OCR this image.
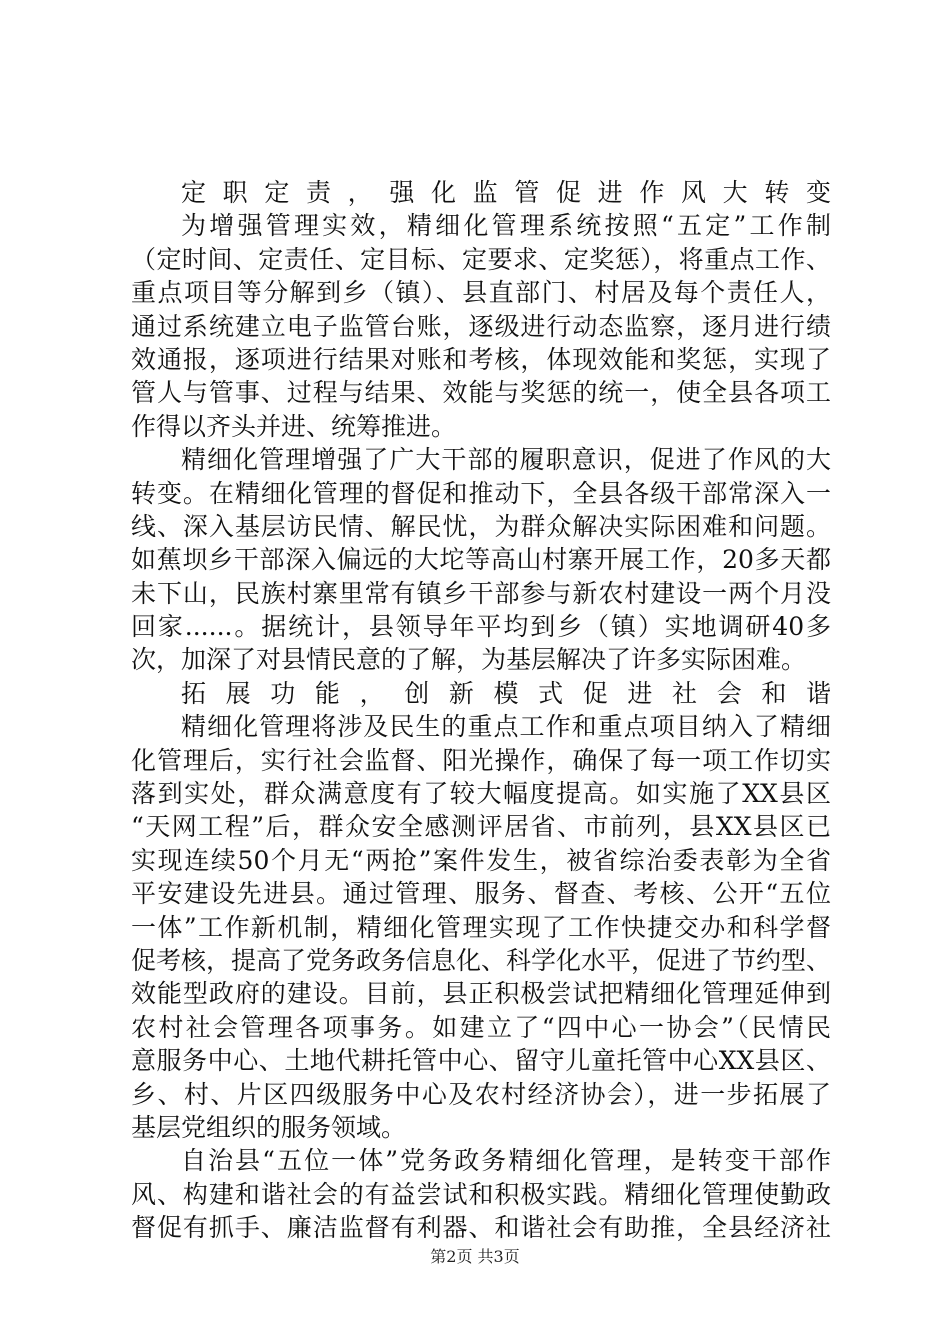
定职定责，强化监管促进作风大转变
为增强管理实效，精细化管理系统按照“五定”工作制
（定时间、定责任、定目标、定要求、定奖惩），将重点工作、
重点项目等分解到乡（镇）、县直部门、村居及每个责任人，
通过系统建立电子监管台账，逐级进行动态监察，逐月进行绩
效通报，逐项进行结果对账和考核，体现效能和奖惩，实现了
管人与管事、过程与结果、效能与奖惩的统一，使全县各项工
作得以齐头并进、统筹推进。
精细化管理增强了广大干部的履职意识，促进了作风的大
转变。在精细化管理的督促和推动下，全县各级干部常深入一
线、深入基层访民情、解民忧，为群众解决实际困难和问题。
如蕉坝乡干部深入偏远的大坨等高山村寨开展工作，20多天都
未下山，民族村寨里常有镇乡干部参与新农村建设一两个月没
回家......。据统计，县领导年平均到乡（镇）实地调研40多
次，加深了对县情民意的了解，为基层解决了许多实际困难。
拓展功能，创新模式促进社会和谐
精细化管理将涉及民生的重点工作和重点项目纳入了精细
化管理后，实行社会监督、阳光操作，确保了每一项工作切实
落到实处，群众满意度有了较大幅度提高。如实施了XX县区
“天网工程”后，群众安全感测评居省、市前列，县XX县区已
实现连续50个月无“两抢”案件发生，被省综治委表彰为全省
平安建设先进县。通过管理、服务、督查、考核、公开“五位
一体”工作新机制，精细化管理实现了工作快捷交办和科学督
促考核，提高了党务政务信息化、科学化水平，促进了节约型、
效能型政府的建设。目前，县正积极尝试把精细化管理延伸到
农村社会管理各项事务。如建立了“四中心一协会”（民情民
意服务中心、土地代耕托管中心、留守儿童托管中心XX县区、
乡、村、片区四级服务中心及农村经济协会），进一步拓展了
基层党组织的服务领域。
自治县“五位一体”党务政务精细化管理，是转变干部作
风、构建和谐社会的有益尝试和积极实践。精细化管理使勤政
督促有抓手、廉洁监督有利器、和谐社会有助推，全县经济社
第2页 共3页
